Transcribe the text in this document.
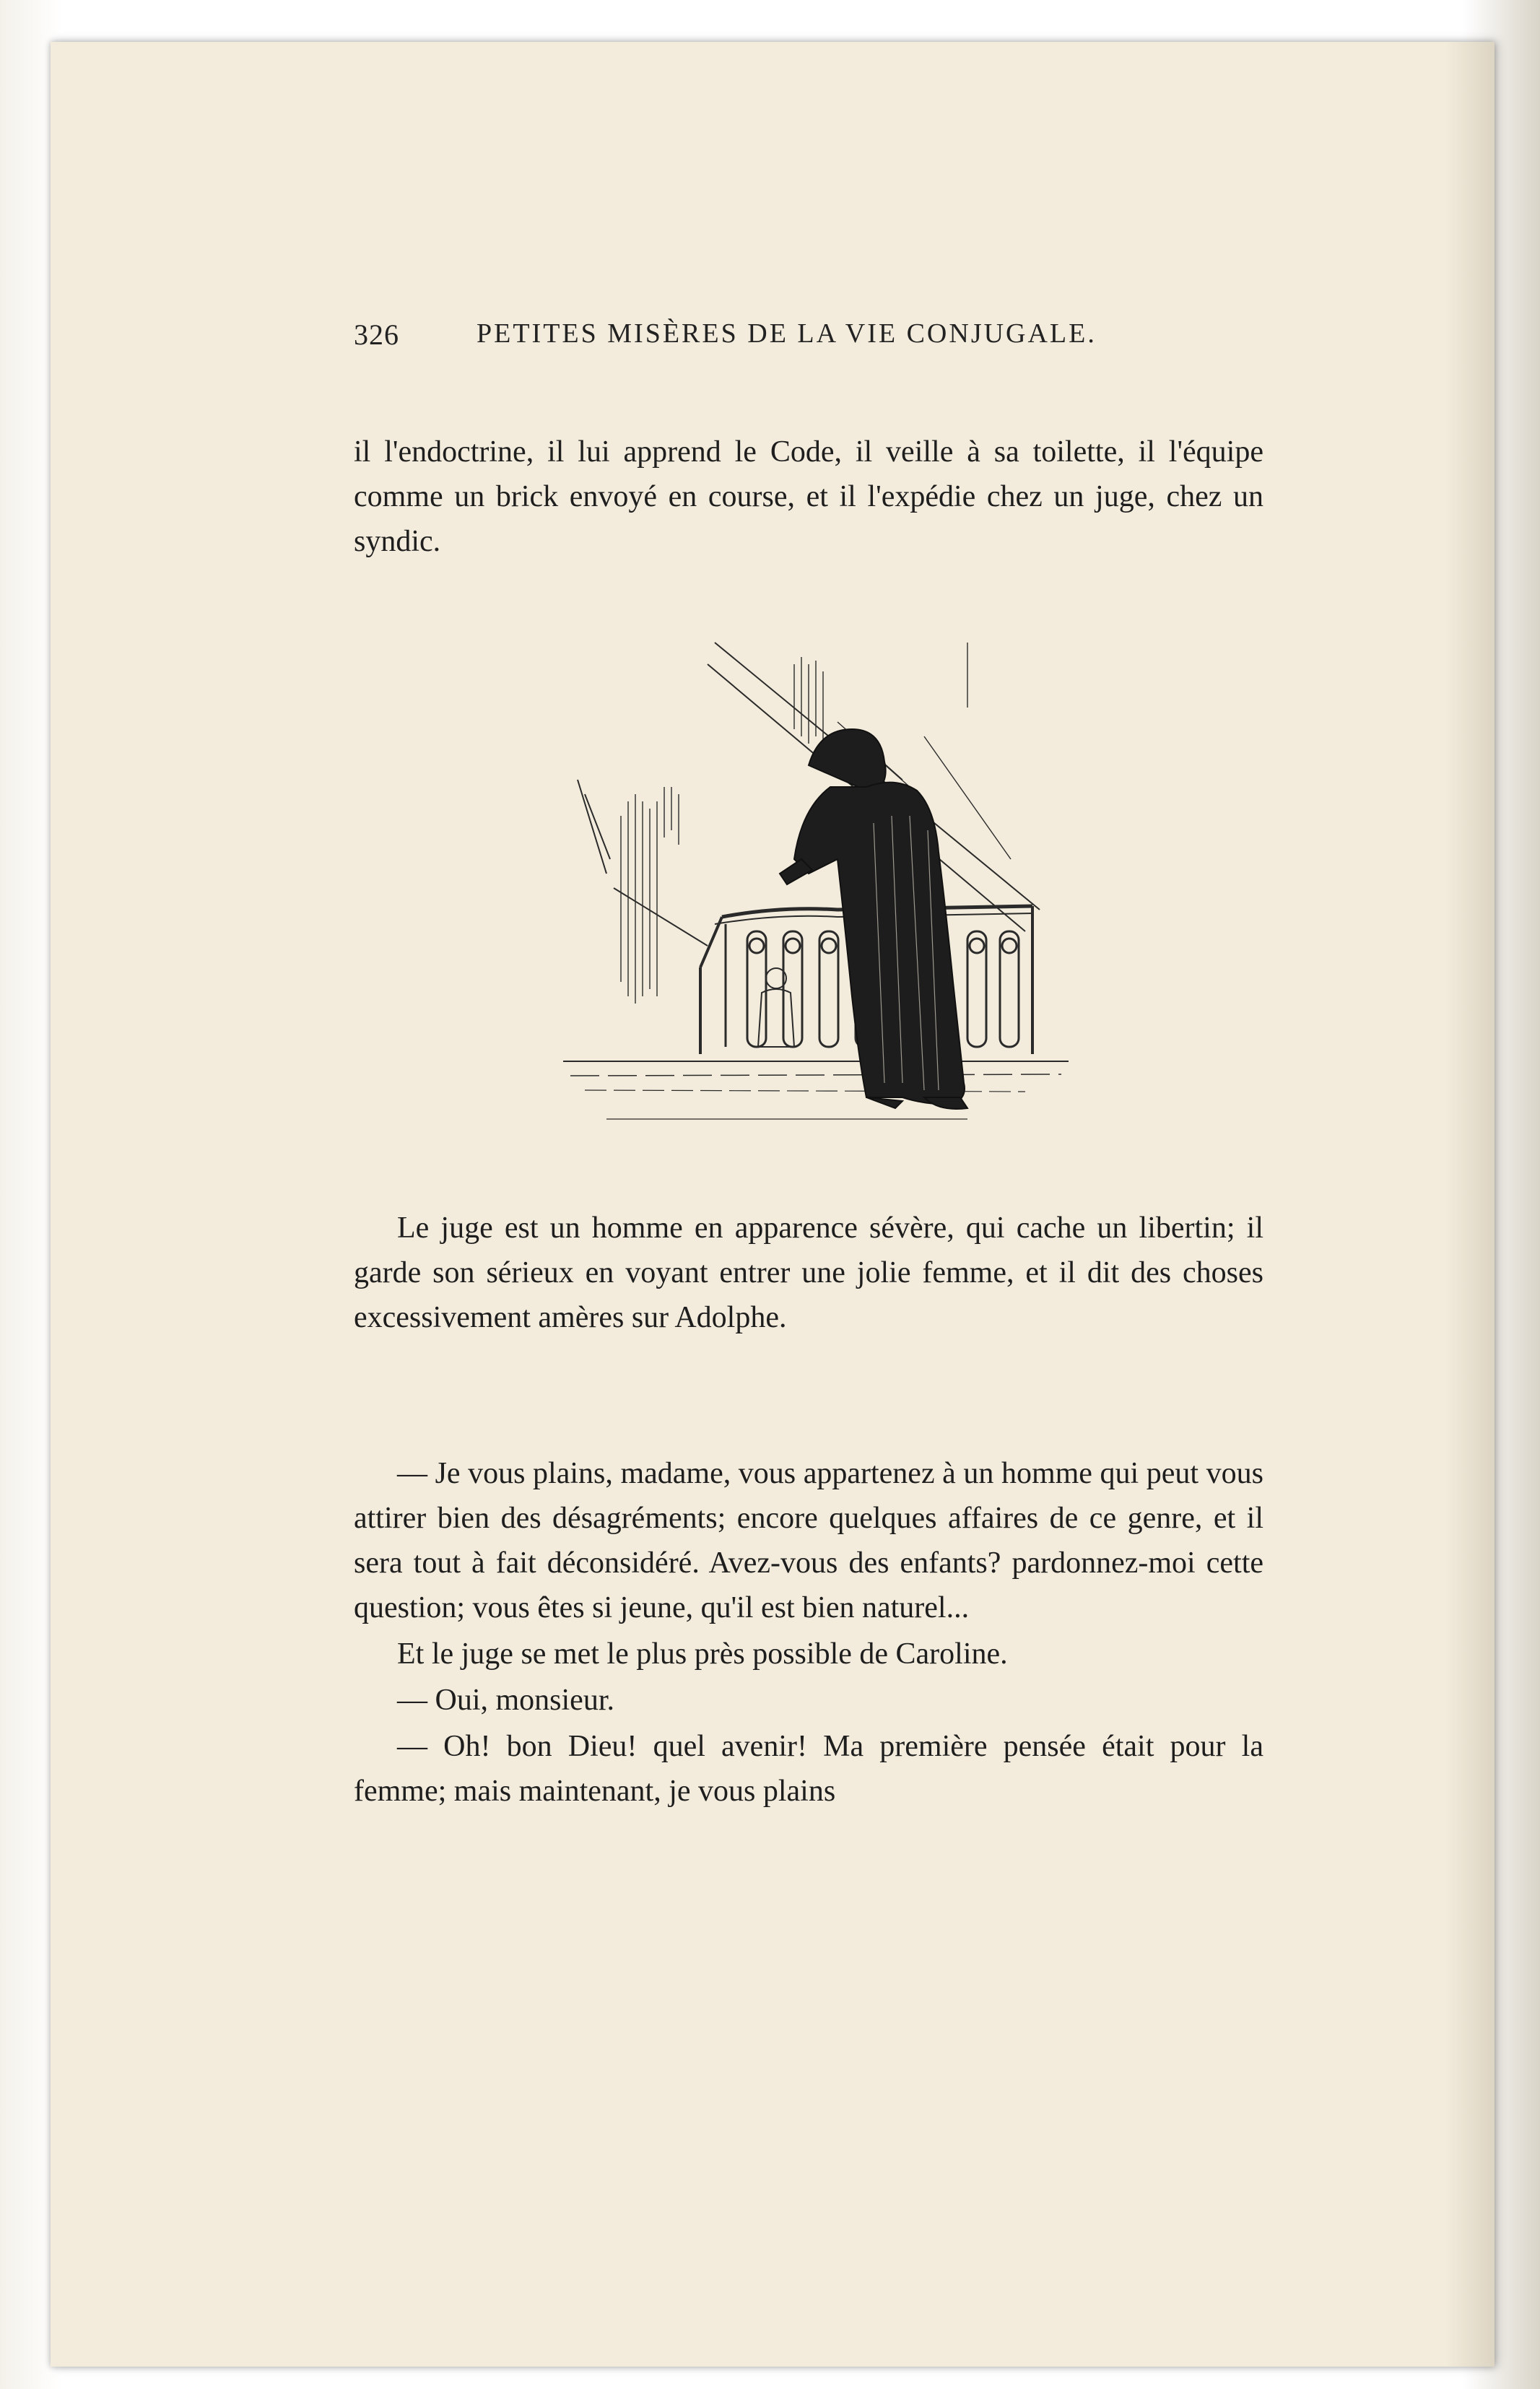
326	PETITES MISÈRES DE LA VIE CONJUGALE.

il l'endoctrine, il lui apprend le Code, il veille à sa toilette, il l'équipe comme un brick envoyé en course, et il l'expédie chez un juge, chez un syndic.

Le juge est un homme en apparence sévère, qui cache un libertin; il garde son sérieux en voyant entrer une jolie femme, et il dit des choses excessivement amères sur Adolphe.

— Je vous plains, madame, vous appartenez à un homme qui peut vous attirer bien des désagréments; encore quelques affaires de ce genre, et il sera tout à fait déconsidéré. Avez-vous des enfants? pardonnez-moi cette question; vous êtes si jeune, qu'il est bien naturel...

Et le juge se met le plus près possible de Caroline.

— Oui, monsieur.

— Oh! bon Dieu! quel avenir! Ma première pensée était pour la femme; mais maintenant, je vous plains
